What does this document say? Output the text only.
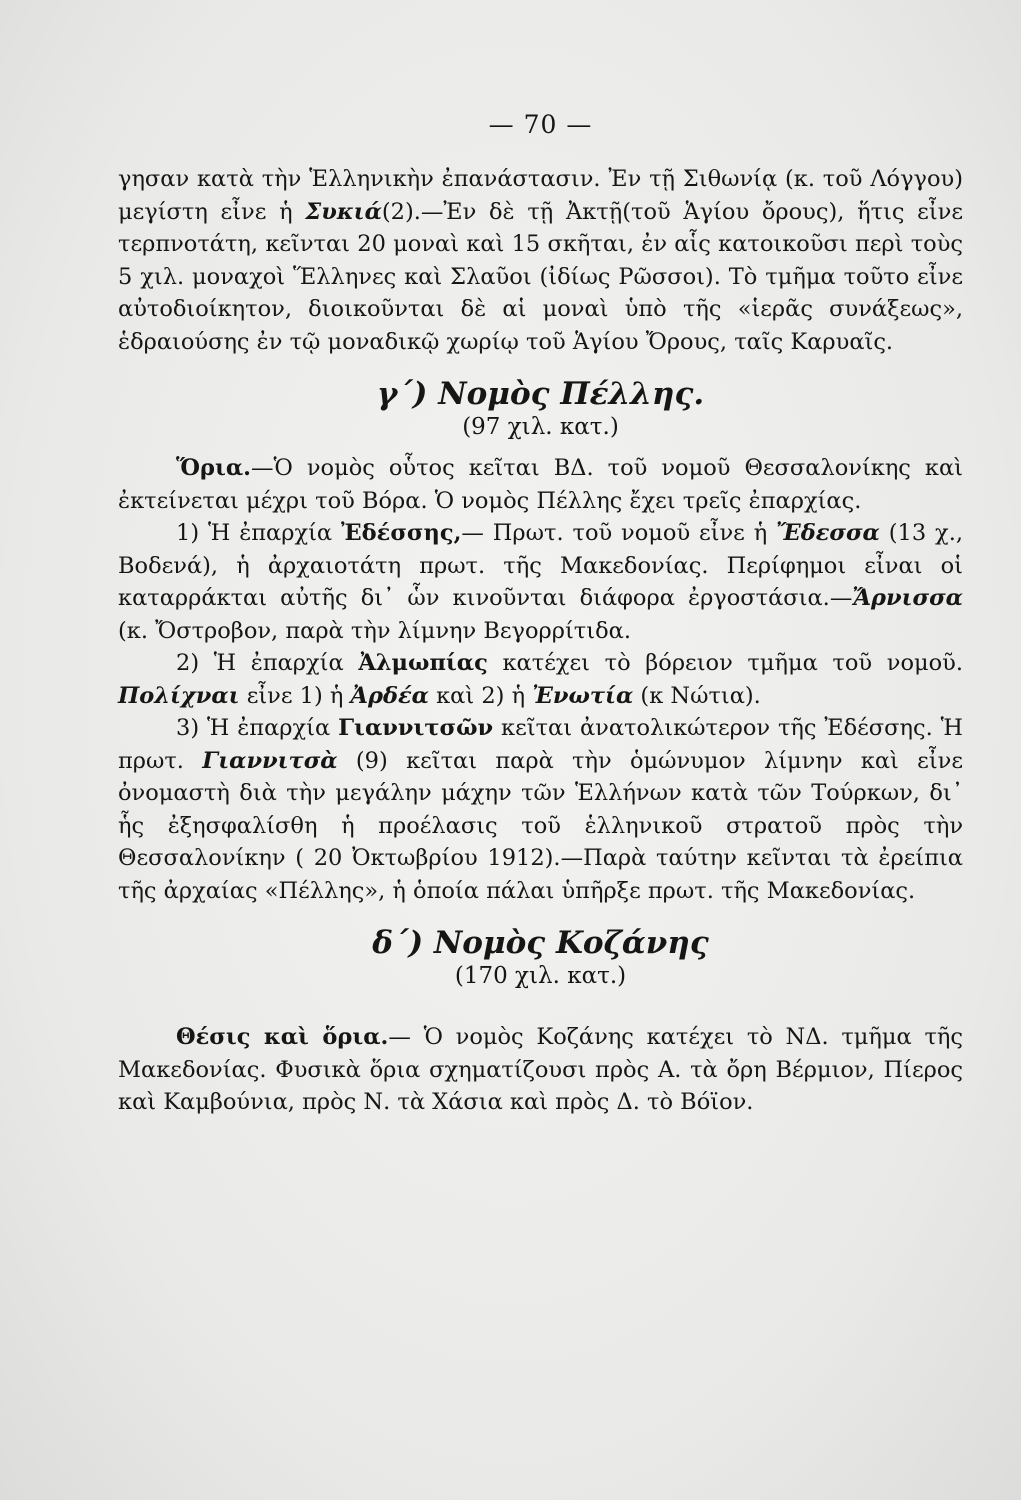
— 70 —

γησαν κατὰ τὴν Ἑλληνικὴν ἐπανάστασιν. Ἐν τῇ Σιθωνίᾳ (κ. τοῦ Λόγγου) μεγίστη εἶνε ἡ Συκιά(2).—Ἐν δὲ τῇ Ἀκτῇ(τοῦ Ἁγίου ὄρους), ἥτις εἶνε τερπνοτάτη, κεῖνται 20 μοναὶ καὶ 15 σκῆται, ἐν αἷς κατοικοῦσι περὶ τοὺς 5 χιλ. μοναχοὶ Ἕλληνες καὶ Σλαῦοι (ἰδίως Ρῶσσοι). Τὸ τμῆμα τοῦτο εἶνε αὐτοδιοίκητον, διοικοῦνται δὲ αἱ μοναὶ ὑπὸ τῆς «ἱερᾶς συνάξεως», ἑδραιούσης ἐν τῷ μοναδικῷ χωρίῳ τοῦ Ἁγίου Ὄρους, ταῖς Καρυαῖς.

γ΄) Νομὸς Πέλλης.
(97 χιλ. κατ.)

Ὅρια.—Ὁ νομὸς οὗτος κεῖται ΒΔ. τοῦ νομοῦ Θεσσαλονίκης καὶ ἐκτείνεται μέχρι τοῦ Βόρα. Ὁ νομὸς Πέλλης ἔχει τρεῖς ἐπαρχίας.

1) Ἡ ἐπαρχία Ἐδέσσης,— Πρωτ. τοῦ νομοῦ εἶνε ἡ Ἔδεσσα (13 χ., Βοδενά), ἡ ἀρχαιοτάτη πρωτ. τῆς Μακεδονίας. Περίφημοι εἶναι οἱ καταρράκται αὐτῆς δι᾿ ὧν κινοῦνται διάφορα ἐργοστάσια.—Ἄρνισσα (κ. Ὄστροβον, παρὰ τὴν λίμνην Βεγορρίτιδα.

2) Ἡ ἐπαρχία Ἀλμωπίας κατέχει τὸ βόρειον τμῆμα τοῦ νομοῦ. Πολίχναι εἶνε 1) ἡ Ἀρδέα καὶ 2) ἡ Ἐνωτία (κ Νώτια).

3) Ἡ ἐπαρχία Γιαννιτσῶν κεῖται ἀνατολικώτερον τῆς Ἐδέσσης. Ἡ πρωτ. Γιαννιτσὰ (9) κεῖται παρὰ τὴν ὁμώνυμον λίμνην καὶ εἶνε ὀνομαστὴ διὰ τὴν μεγάλην μάχην τῶν Ἑλλήνων κατὰ τῶν Τούρκων, δι᾿ ἧς ἐξησφαλίσθη ἡ προέλασις τοῦ ἑλληνικοῦ στρατοῦ πρὸς τὴν Θεσσαλονίκην ( 20 Ὀκτωβρίου 1912).—Παρὰ ταύτην κεῖνται τὰ ἐρείπια τῆς ἀρχαίας «Πέλλης», ἡ ὁποία πάλαι ὑπῆρξε πρωτ. τῆς Μακεδονίας.

δ΄) Νομὸς Κοζάνης
(170 χιλ. κατ.)

Θέσις καὶ ὅρια.— Ὁ νομὸς Κοζάνης κατέχει τὸ ΝΔ. τμῆμα τῆς Μακεδονίας. Φυσικὰ ὅρια σχηματίζουσι πρὸς Α. τὰ ὄρη Βέρμιον, Πίερος καὶ Καμβούνια, πρὸς Ν. τὰ Χάσια καὶ πρὸς Δ. τὸ Βόϊον.
